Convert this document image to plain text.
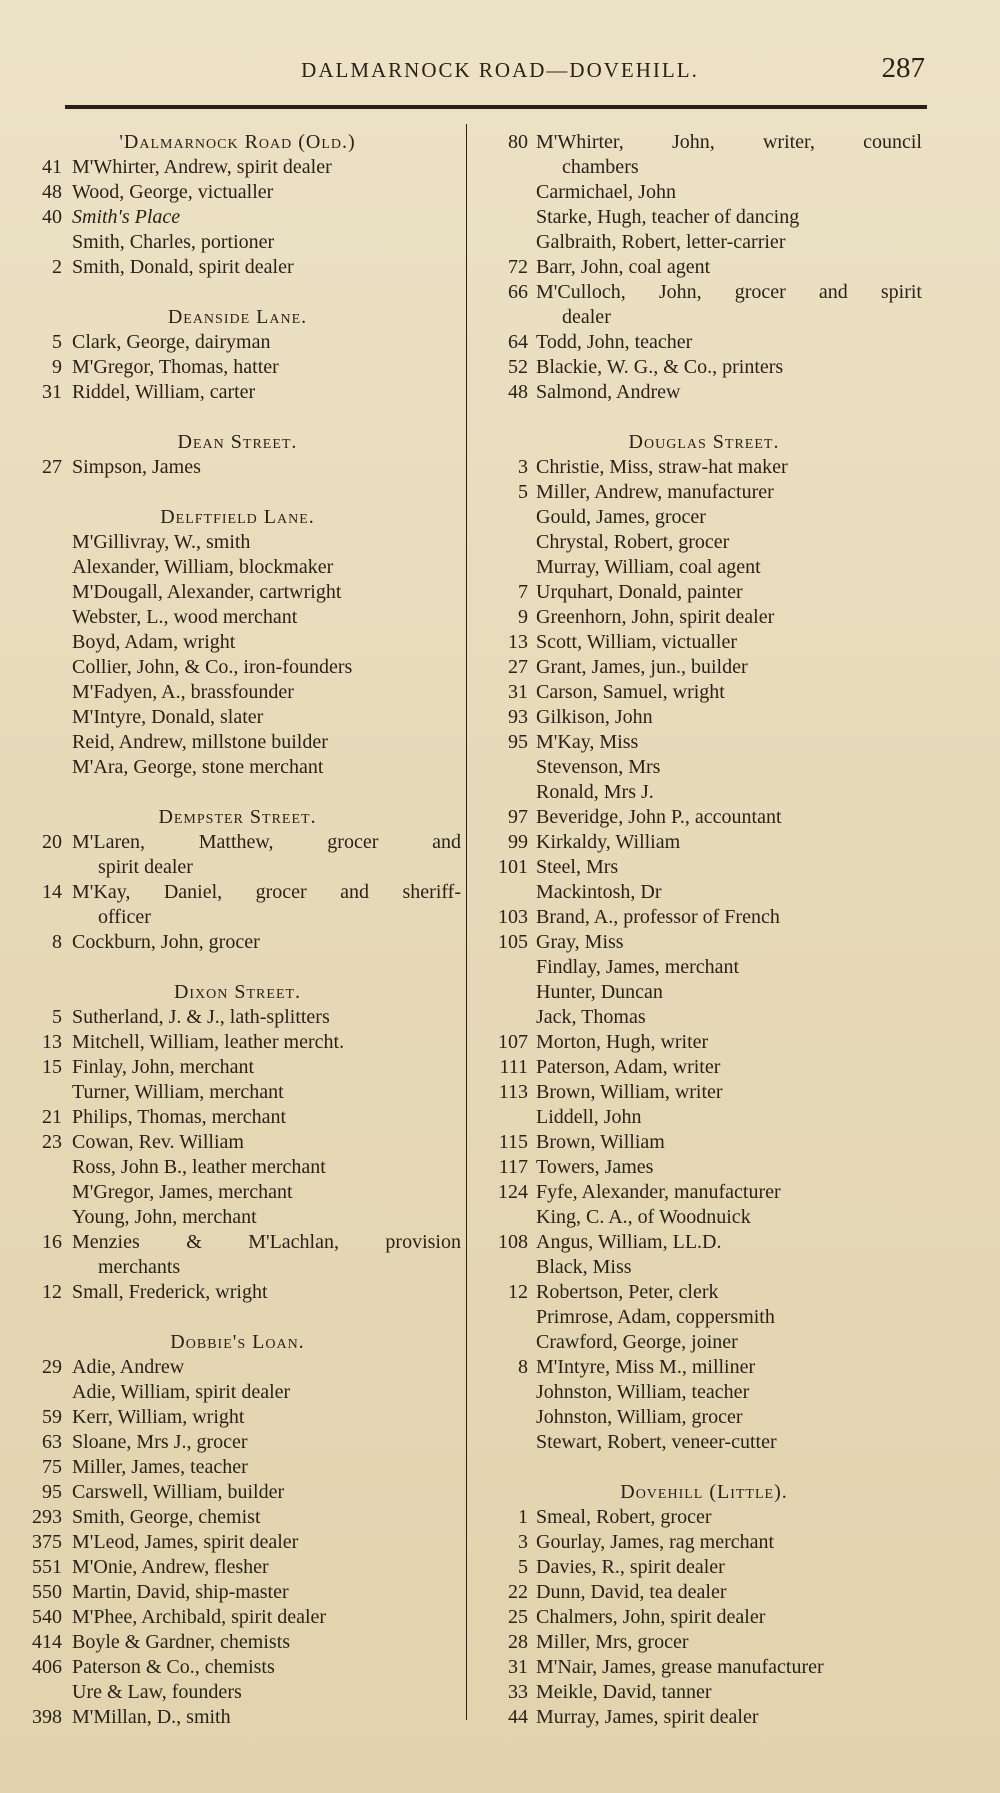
DALMARNOCK ROAD—DOVEHILL.	287
'Dalmarnock Road (Old.)
41 M'Whirter, Andrew, spirit dealer
48 Wood, George, victualler
40 Smith's Place
Smith, Charles, portioner
2 Smith, Donald, spirit dealer
Deanside Lane.
5 Clark, George, dairyman
9 M'Gregor, Thomas, hatter
31 Riddel, William, carter
Dean Street.
27 Simpson, James
Delftfield Lane.
M'Gillivray, W., smith
Alexander, William, blockmaker
M'Dougall, Alexander, cartwright
Webster, L., wood merchant
Boyd, Adam, wright
Collier, John, & Co., iron-founders
M'Fadyen, A., brassfounder
M'Intyre, Donald, slater
Reid, Andrew, millstone builder
M'Ara, George, stone merchant
Dempster Street.
20 M'Laren, Matthew, grocer and
spirit dealer
14 M'Kay, Daniel, grocer and sheriff-
officer
8 Cockburn, John, grocer
Dixon Street.
5 Sutherland, J. & J., lath-splitters
13 Mitchell, William, leather mercht.
15 Finlay, John, merchant
Turner, William, merchant
21 Philips, Thomas, merchant
23 Cowan, Rev. William
Ross, John B., leather merchant
M'Gregor, James, merchant
Young, John, merchant
16 Menzies & M'Lachlan, provision
merchants
12 Small, Frederick, wright
Dobbie's Loan.
29 Adie, Andrew
Adie, William, spirit dealer
59 Kerr, William, wright
63 Sloane, Mrs J., grocer
75 Miller, James, teacher
95 Carswell, William, builder
293 Smith, George, chemist
375 M'Leod, James, spirit dealer
551 M'Onie, Andrew, flesher
550 Martin, David, ship-master
540 M'Phee, Archibald, spirit dealer
414 Boyle & Gardner, chemists
406 Paterson & Co., chemists
Ure & Law, founders
398 M'Millan, D., smith
80 M'Whirter, John, writer, council
chambers
Carmichael, John
Starke, Hugh, teacher of dancing
Galbraith, Robert, letter-carrier
72 Barr, John, coal agent
66 M'Culloch, John, grocer and spirit
dealer
64 Todd, John, teacher
52 Blackie, W. G., & Co., printers
48 Salmond, Andrew
Douglas Street.
3 Christie, Miss, straw-hat maker
5 Miller, Andrew, manufacturer
Gould, James, grocer
Chrystal, Robert, grocer
Murray, William, coal agent
7 Urquhart, Donald, painter
9 Greenhorn, John, spirit dealer
13 Scott, William, victualler
27 Grant, James, jun., builder
31 Carson, Samuel, wright
93 Gilkison, John
95 M'Kay, Miss
Stevenson, Mrs
Ronald, Mrs J.
97 Beveridge, John P., accountant
99 Kirkaldy, William
101 Steel, Mrs
Mackintosh, Dr
103 Brand, A., professor of French
105 Gray, Miss
Findlay, James, merchant
Hunter, Duncan
Jack, Thomas
107 Morton, Hugh, writer
111 Paterson, Adam, writer
113 Brown, William, writer
Liddell, John
115 Brown, William
117 Towers, James
124 Fyfe, Alexander, manufacturer
King, C. A., of Woodnuick
108 Angus, William, LL.D.
Black, Miss
12 Robertson, Peter, clerk
Primrose, Adam, coppersmith
Crawford, George, joiner
8 M'Intyre, Miss M., milliner
Johnston, William, teacher
Johnston, William, grocer
Stewart, Robert, veneer-cutter
Dovehill (Little).
1 Smeal, Robert, grocer
3 Gourlay, James, rag merchant
5 Davies, R., spirit dealer
22 Dunn, David, tea dealer
25 Chalmers, John, spirit dealer
28 Miller, Mrs, grocer
31 M'Nair, James, grease manufacturer
33 Meikle, David, tanner
44 Murray, James, spirit dealer
